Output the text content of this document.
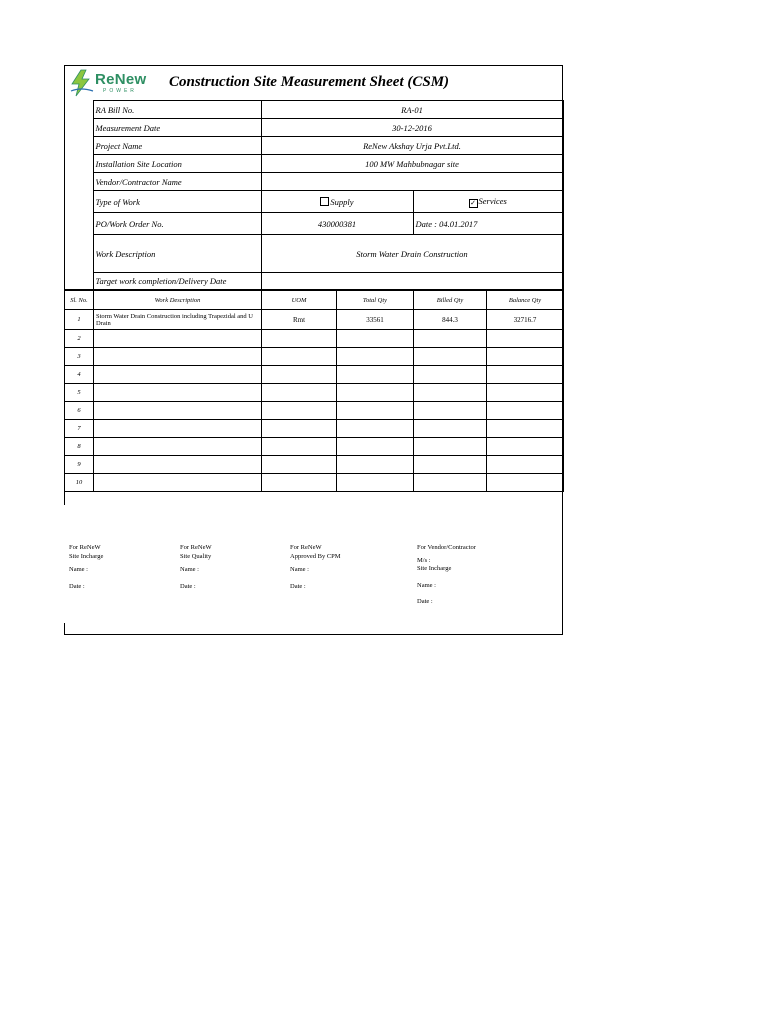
ReNew
POWER
Construction Site Measurement Sheet (CSM)
	RA Bill No.	RA-01	
	Measurement Date	30-12-2016	
	Project Name	ReNew Akshay Urja Pvt.Ltd.	
	Installation Site Location	100 MW Mahbubnagar site	
	Vendor/Contractor Name		
	Type of Work	Supply	✓ Services
	PO/Work Order No.	430000381	Date : 04.01.2017
	Work Description	Storm Water Drain Construction	
	Target work completion/Delivery Date		
Sl. No.	Work Description	UOM	Total Qty	Billed Qty	Balance Qty
1	Storm Water Drain Construction including Trapezidal and U Drain	Rmt	33561	844.3	32716.7
2					
3					
4					
5					
6					
7					
8					
9					
10					
For ReNeW
Site Incharge
Name :
Date :
For ReNeW
Site Quality
Name :
Date :
For ReNeW
Approved By CPM
Name :
Date :
For Vendor/Contractor
M/s :
Site Incharge
Name :
Date :
